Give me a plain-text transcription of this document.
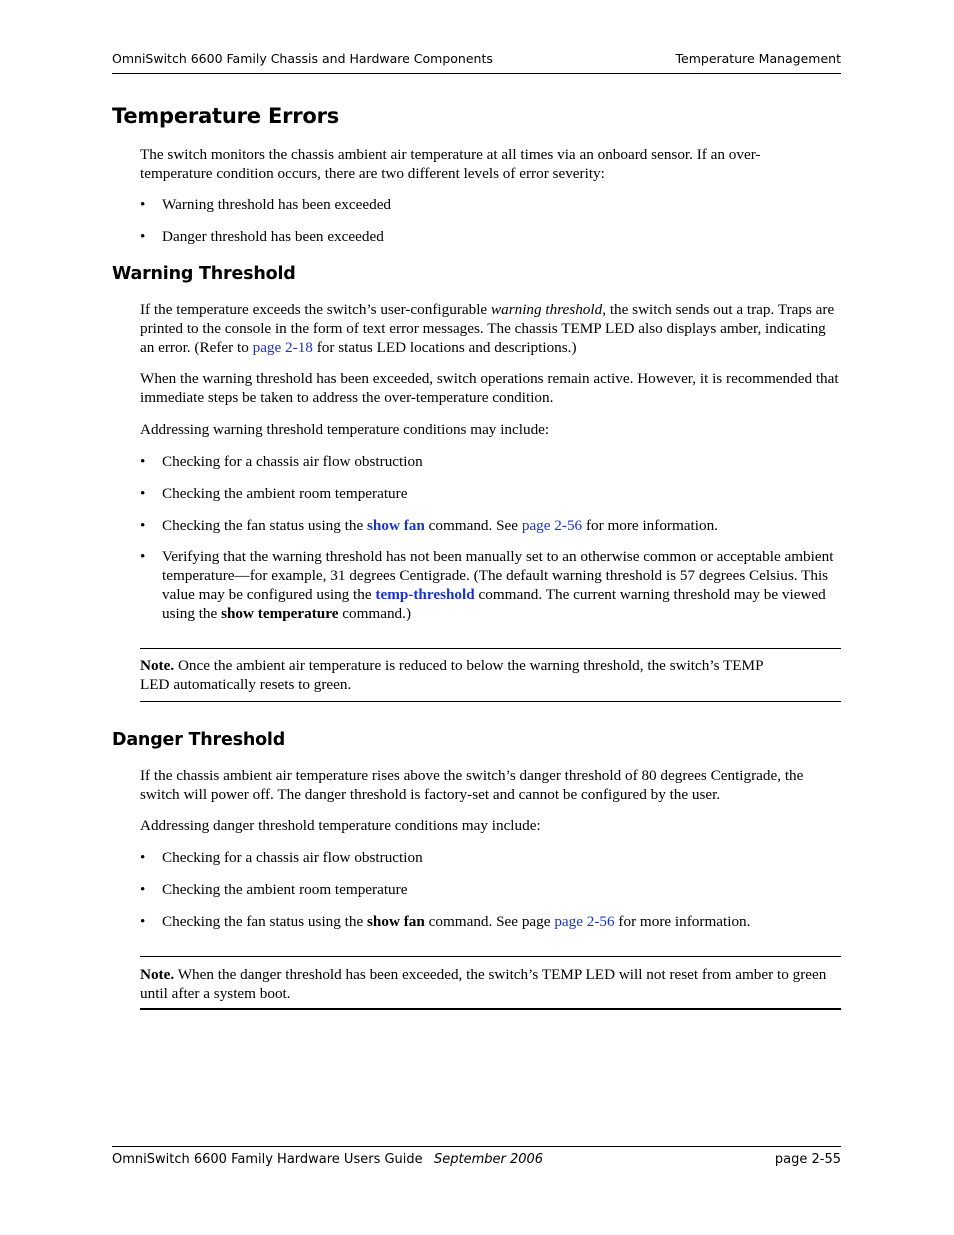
OmniSwitch 6600 Family Chassis and Hardware Components	Temperature Management
Temperature Errors

The switch monitors the chassis ambient air temperature at all times via an onboard sensor. If an over-
temperature condition occurs, there are two different levels of error severity:

• Warning threshold has been exceeded
• Danger threshold has been exceeded
Warning Threshold

If the temperature exceeds the switch’s user-configurable warning threshold, the switch sends out a trap. Traps are printed to the console in the form of text error messages. The chassis TEMP LED also displays amber, indicating an error. (Refer to page 2-18 for status LED locations and descriptions.)

When the warning threshold has been exceeded, switch operations remain active. However, it is recommended that immediate steps be taken to address the over-temperature condition.

Addressing warning threshold temperature conditions may include:

• Checking for a chassis air flow obstruction
• Checking the ambient room temperature
• Checking the fan status using the show fan command. See page 2-56 for more information.
• Verifying that the warning threshold has not been manually set to an otherwise common or acceptable ambient temperature—for example, 31 degrees Centigrade. (The default warning threshold is 57 degrees Celsius. This value may be configured using the temp-threshold command. The current warning threshold may be viewed using the show temperature command.)

Note. Once the ambient air temperature is reduced to below the warning threshold, the switch’s TEMP LED automatically resets to green.

Danger Threshold

If the chassis ambient air temperature rises above the switch’s danger threshold of 80 degrees Centigrade, the switch will power off. The danger threshold is factory-set and cannot be configured by the user.

Addressing danger threshold temperature conditions may include:

• Checking for a chassis air flow obstruction
• Checking the ambient room temperature
• Checking the fan status using the show fan command. See page page 2-56 for more information.

Note. When the danger threshold has been exceeded, the switch’s TEMP LED will not reset from amber to green until after a system boot.

OmniSwitch 6600 Family Hardware Users Guide September 2006	page 2-55
